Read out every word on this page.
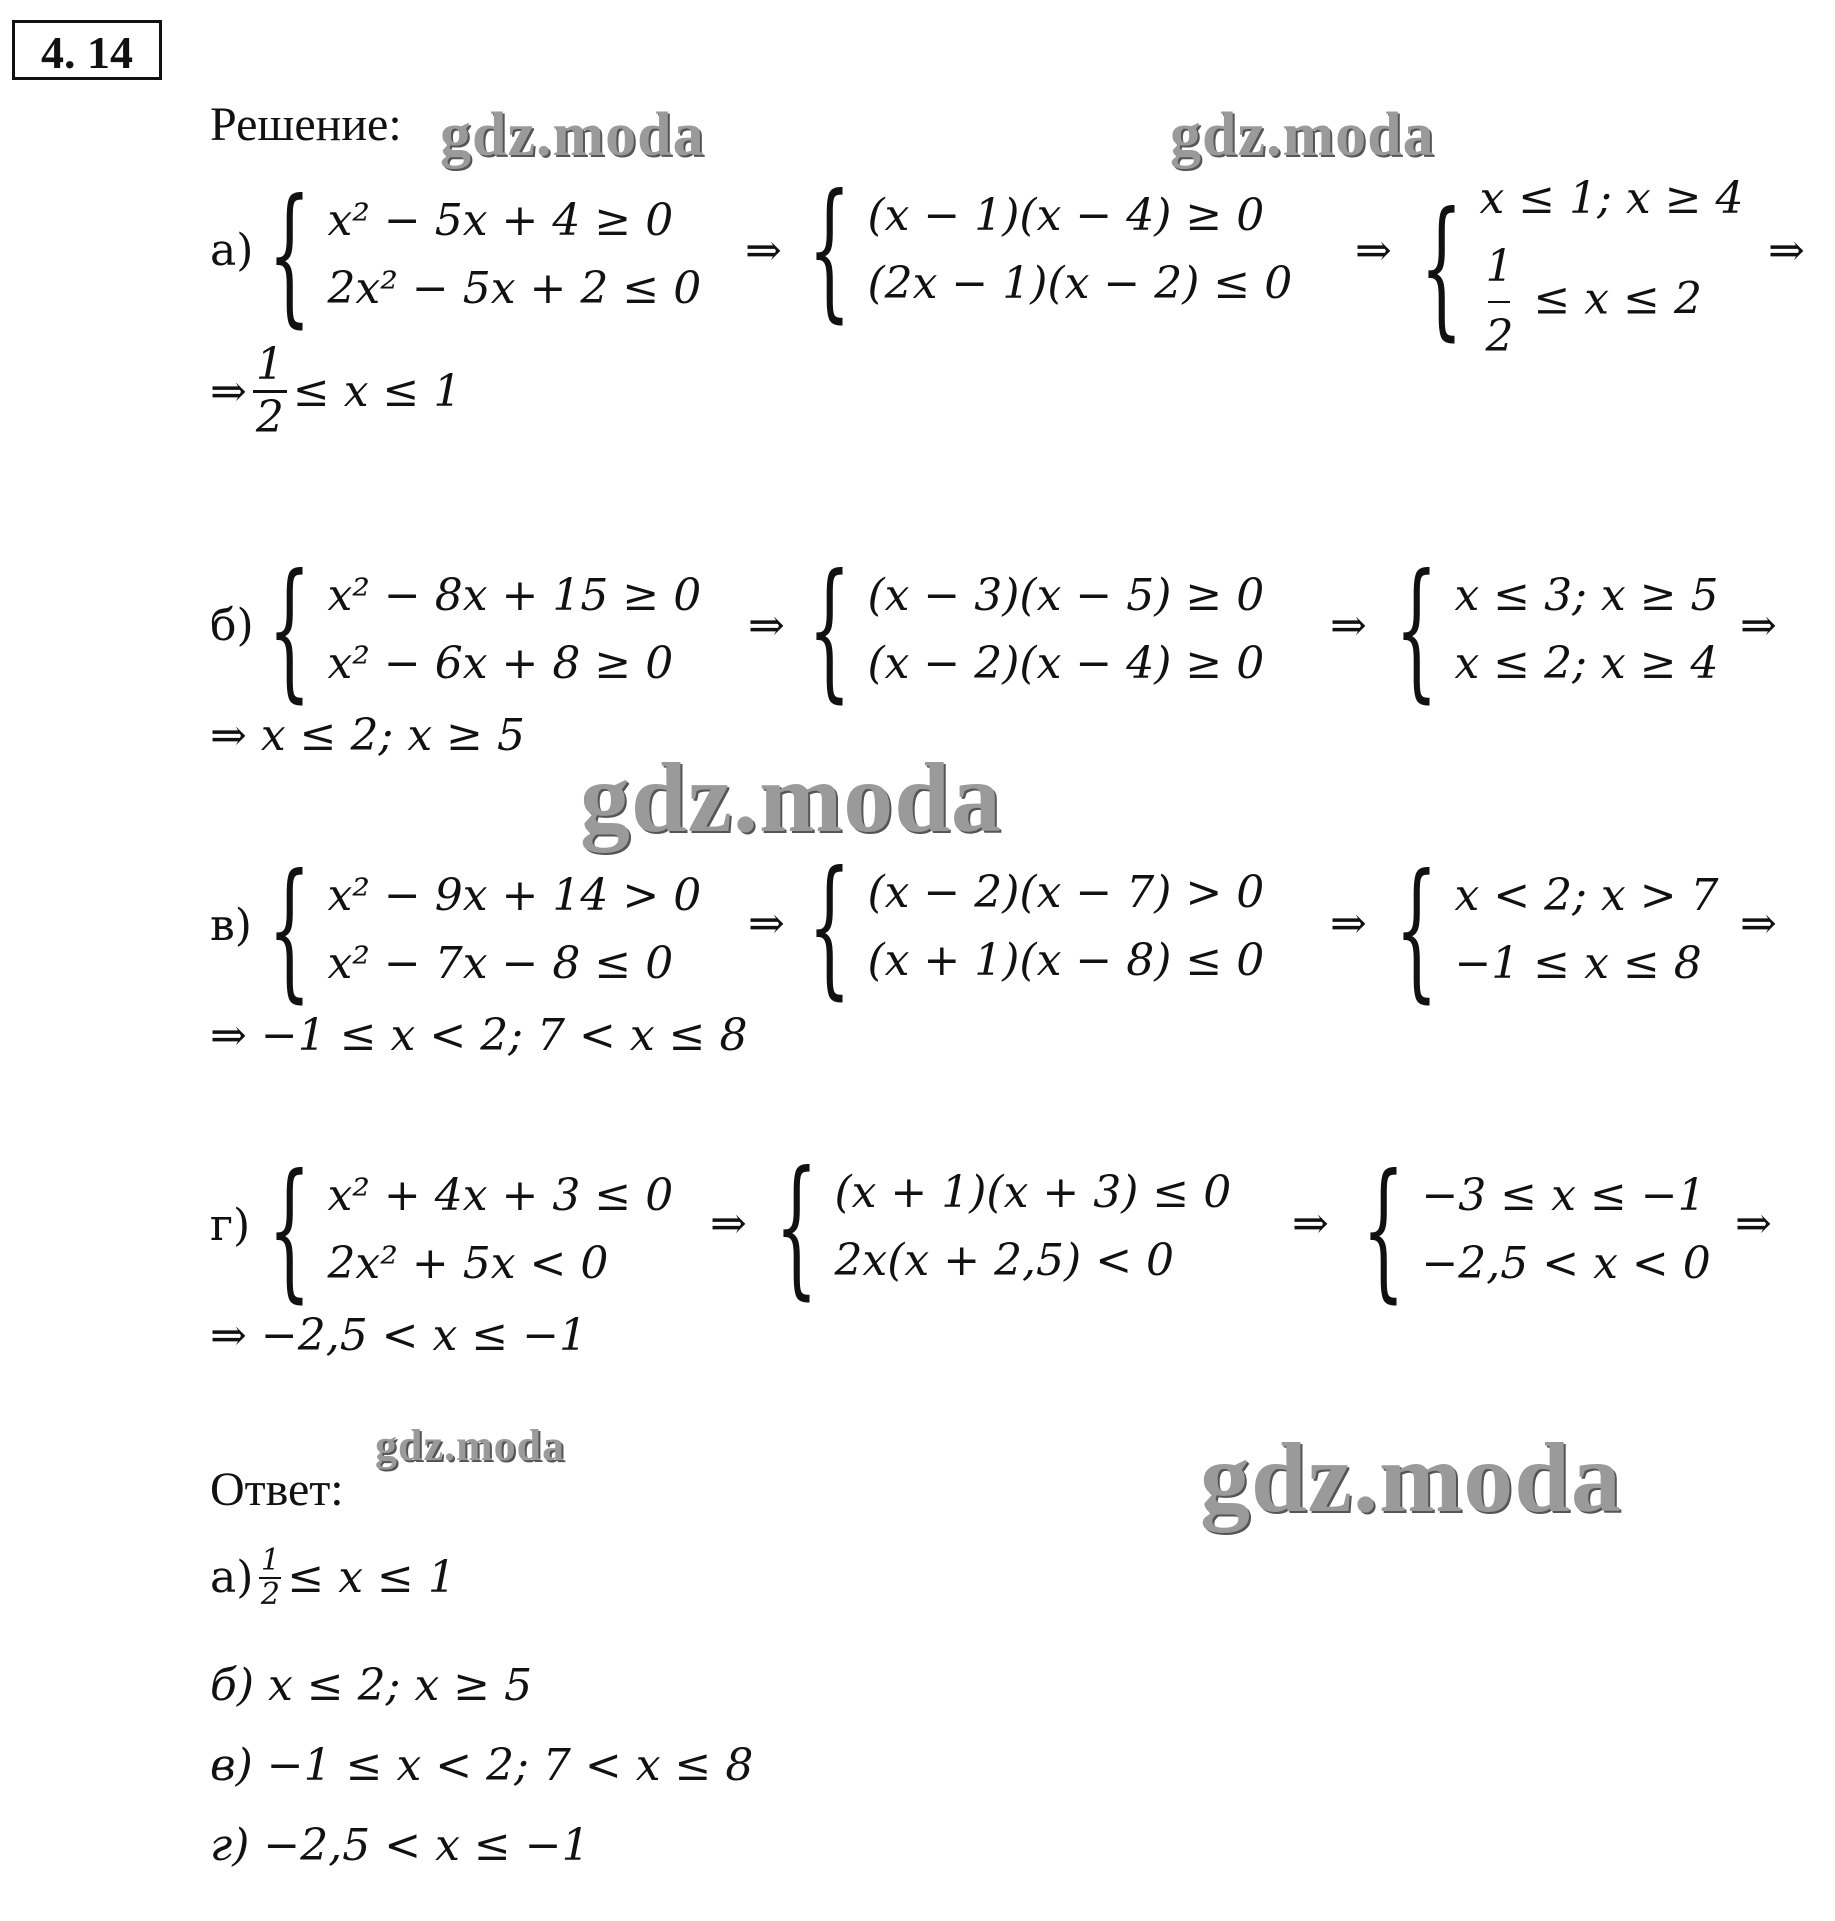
4. 14
Решение: gdz.moda	gdz.moda
gdz.moda
gdz.moda	gdz.moda
а) { x² − 5x + 4 ≥ 0
2x² − 5x + 2 ≤ 0
⇒ { (x − 1)(x − 4) ≥ 0
(2x − 1)(x − 2) ≤ 0
⇒ { x ≤ 1; x ≥ 4
$\frac{1}{2} \le x \le 2$
⇒
⇒ $\frac{1}{2} \le x \le 1$
б) { x² − 8x + 15 ≥ 0
x² − 6x + 8 ≥ 0
⇒ { (x − 3)(x − 5) ≥ 0
(x − 2)(x − 4) ≥ 0
⇒ { x ≤ 3; x ≥ 5
x ≤ 2; x ≥ 4
⇒
⇒ x ≤ 2; x ≥ 5
в) { x² − 9x + 14 > 0
x² − 7x − 8 ≤ 0
⇒ { (x − 2)(x − 7) > 0
(x + 1)(x − 8) ≤ 0
⇒ { x < 2; x > 7
−1 ≤ x ≤ 8
⇒
⇒ −1 ≤ x < 2; 7 < x ≤ 8
г) { x² + 4x + 3 ≤ 0
2x² + 5x < 0
⇒ { (x + 1)(x + 3) ≤ 0
2x(x + 2,5) < 0
⇒ { −3 ≤ x ≤ −1
−2,5 < x < 0
⇒
⇒ −2,5 < x ≤ −1
Ответ:
$а) \frac{1}{2} \le x \le 1$
б) x ≤ 2; x ≥ 5
в) −1 ≤ x < 2; 7 < x ≤ 8
г) −2,5 < x ≤ −1
